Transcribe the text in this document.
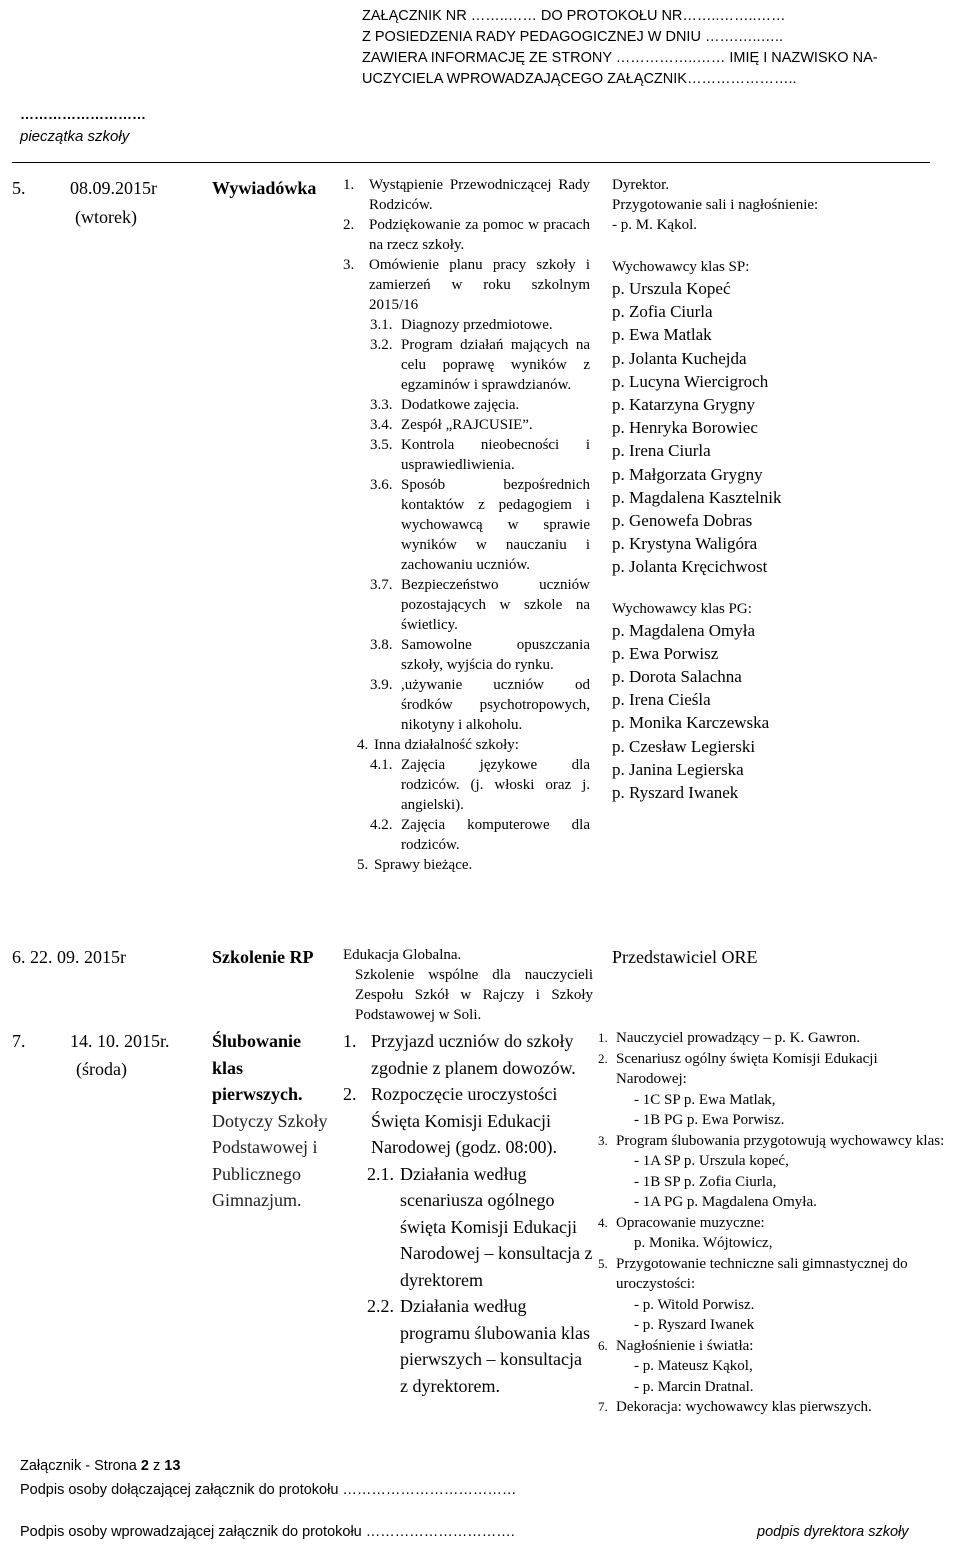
ZAŁĄCZNIK NR ……..…… DO PROTOKOŁU NR……..……..……
Z POSIEDZENIA RADY PEDAGOGICZNEJ W DNIU …….…..…..
ZAWIERA INFORMACJĘ ZE STRONY ……………..…… IMIĘ I NAZWISKO NA-
UCZYCIELA WPROWADZAJĄCEGO ZAŁĄCZNIK…………………..
………………………
pieczątka szkoły
5. 08.09.2015r
(wtorek)
Wywiadówka 1. Wystąpienie Przewodniczącej Rady Rodziców.
2. Podziękowanie za pomoc w pracach na rzecz szkoły.
3. Omówienie planu pracy szkoły i zamierzeń w roku szkolnym 2015/16
3.1. Diagnozy przedmiotowe.
3.2. Program działań mających na celu poprawę wyników z egzaminów i sprawdzianów.
3.3. Dodatkowe zajęcia.
3.4. Zespół „RAJCUSIE”.
3.5. Kontrola nieobecności i usprawiedliwienia.
3.6. Sposób bezpośrednich kontaktów z pedagogiem i wychowawcą w sprawie wyników w nauczaniu i zachowaniu uczniów.
3.7. Bezpieczeństwo uczniów pozostających w szkole na świetlicy.
3.8. Samowolne opuszczania szkoły, wyjścia do rynku.
3.9. ,używanie uczniów od środków psychotropowych, nikotyny i alkoholu.
4. Inna działalność szkoły:
4.1. Zajęcia językowe dla rodziców. (j. włoski oraz j. angielski).
4.2. Zajęcia komputerowe dla rodziców.
5. Sprawy bieżące.
Dyrektor.
Przygotowanie sali i nagłośnienie:
- p. M. Kąkol.
Wychowawcy klas SP:
p. Urszula Kopeć
p. Zofia Ciurla
p. Ewa Matlak
p. Jolanta Kuchejda
p. Lucyna Wiercigroch
p. Katarzyna Grygny
p. Henryka Borowiec
p. Irena Ciurla
p. Małgorzata Grygny
p. Magdalena Kasztelnik
p. Genowefa Dobras
p. Krystyna Waligóra
p. Jolanta Kręcichwost
Wychowawcy klas PG:
p. Magdalena Omyła
p. Ewa Porwisz
p. Dorota Salachna
p. Irena Cieśla
p. Monika Karczewska
p. Czesław Legierski
p. Janina Legierska
p. Ryszard Iwanek
6. 22. 09. 2015r	Szkolenie RP Edukacja Globalna.
Szkolenie wspólne dla nauczycieli Zespołu Szkół w Rajczy i Szkoły Podstawowej w Soli.
Przedstawiciel ORE
7. 14. 10. 2015r.
(środa)
Ślubowanie klas pierwszych.
Dotyczy Szkoły Podstawowej i Publicznego Gimnazjum.
1. Przyjazd uczniów do szkoły zgodnie z planem dowozów.
2. Rozpoczęcie uroczystości Święta Komisji Edukacji Narodowej (godz. 08:00).
2.1. Działania według scenariusza ogólnego święta Komisji Edukacji Narodowej – konsultacja z dyrektorem
2.2. Działania według programu ślubowania klas pierwszych – konsultacja z dyrektorem.
1. Nauczyciel prowadzący – p. K. Gawron.
2. Scenariusz ogólny święta Komisji Edukacji Narodowej:
- 1C SP p. Ewa Matlak,
- 1B PG p. Ewa Porwisz.
3. Program ślubowania przygotowują wychowawcy klas:
- 1A SP p. Urszula kopeć,
- 1B SP p. Zofia Ciurla,
- 1A PG p. Magdalena Omyła.
4. Opracowanie muzyczne:
p. Monika. Wójtowicz,
5. Przygotowanie techniczne sali gimnastycznej do uroczystości:
- p. Witold Porwisz.
- p. Ryszard Iwanek
6. Nagłośnienie i światła:
- p. Mateusz Kąkol,
- p. Marcin Dratnal.
7. Dekoracja: wychowawcy klas pierwszych.
Załącznik - Strona 2 z 13
Podpis osoby dołączającej załącznik do protokołu ………………………………
Podpis osoby wprowadzającej załącznik do protokołu ………………………….	podpis dyrektora szkoły
